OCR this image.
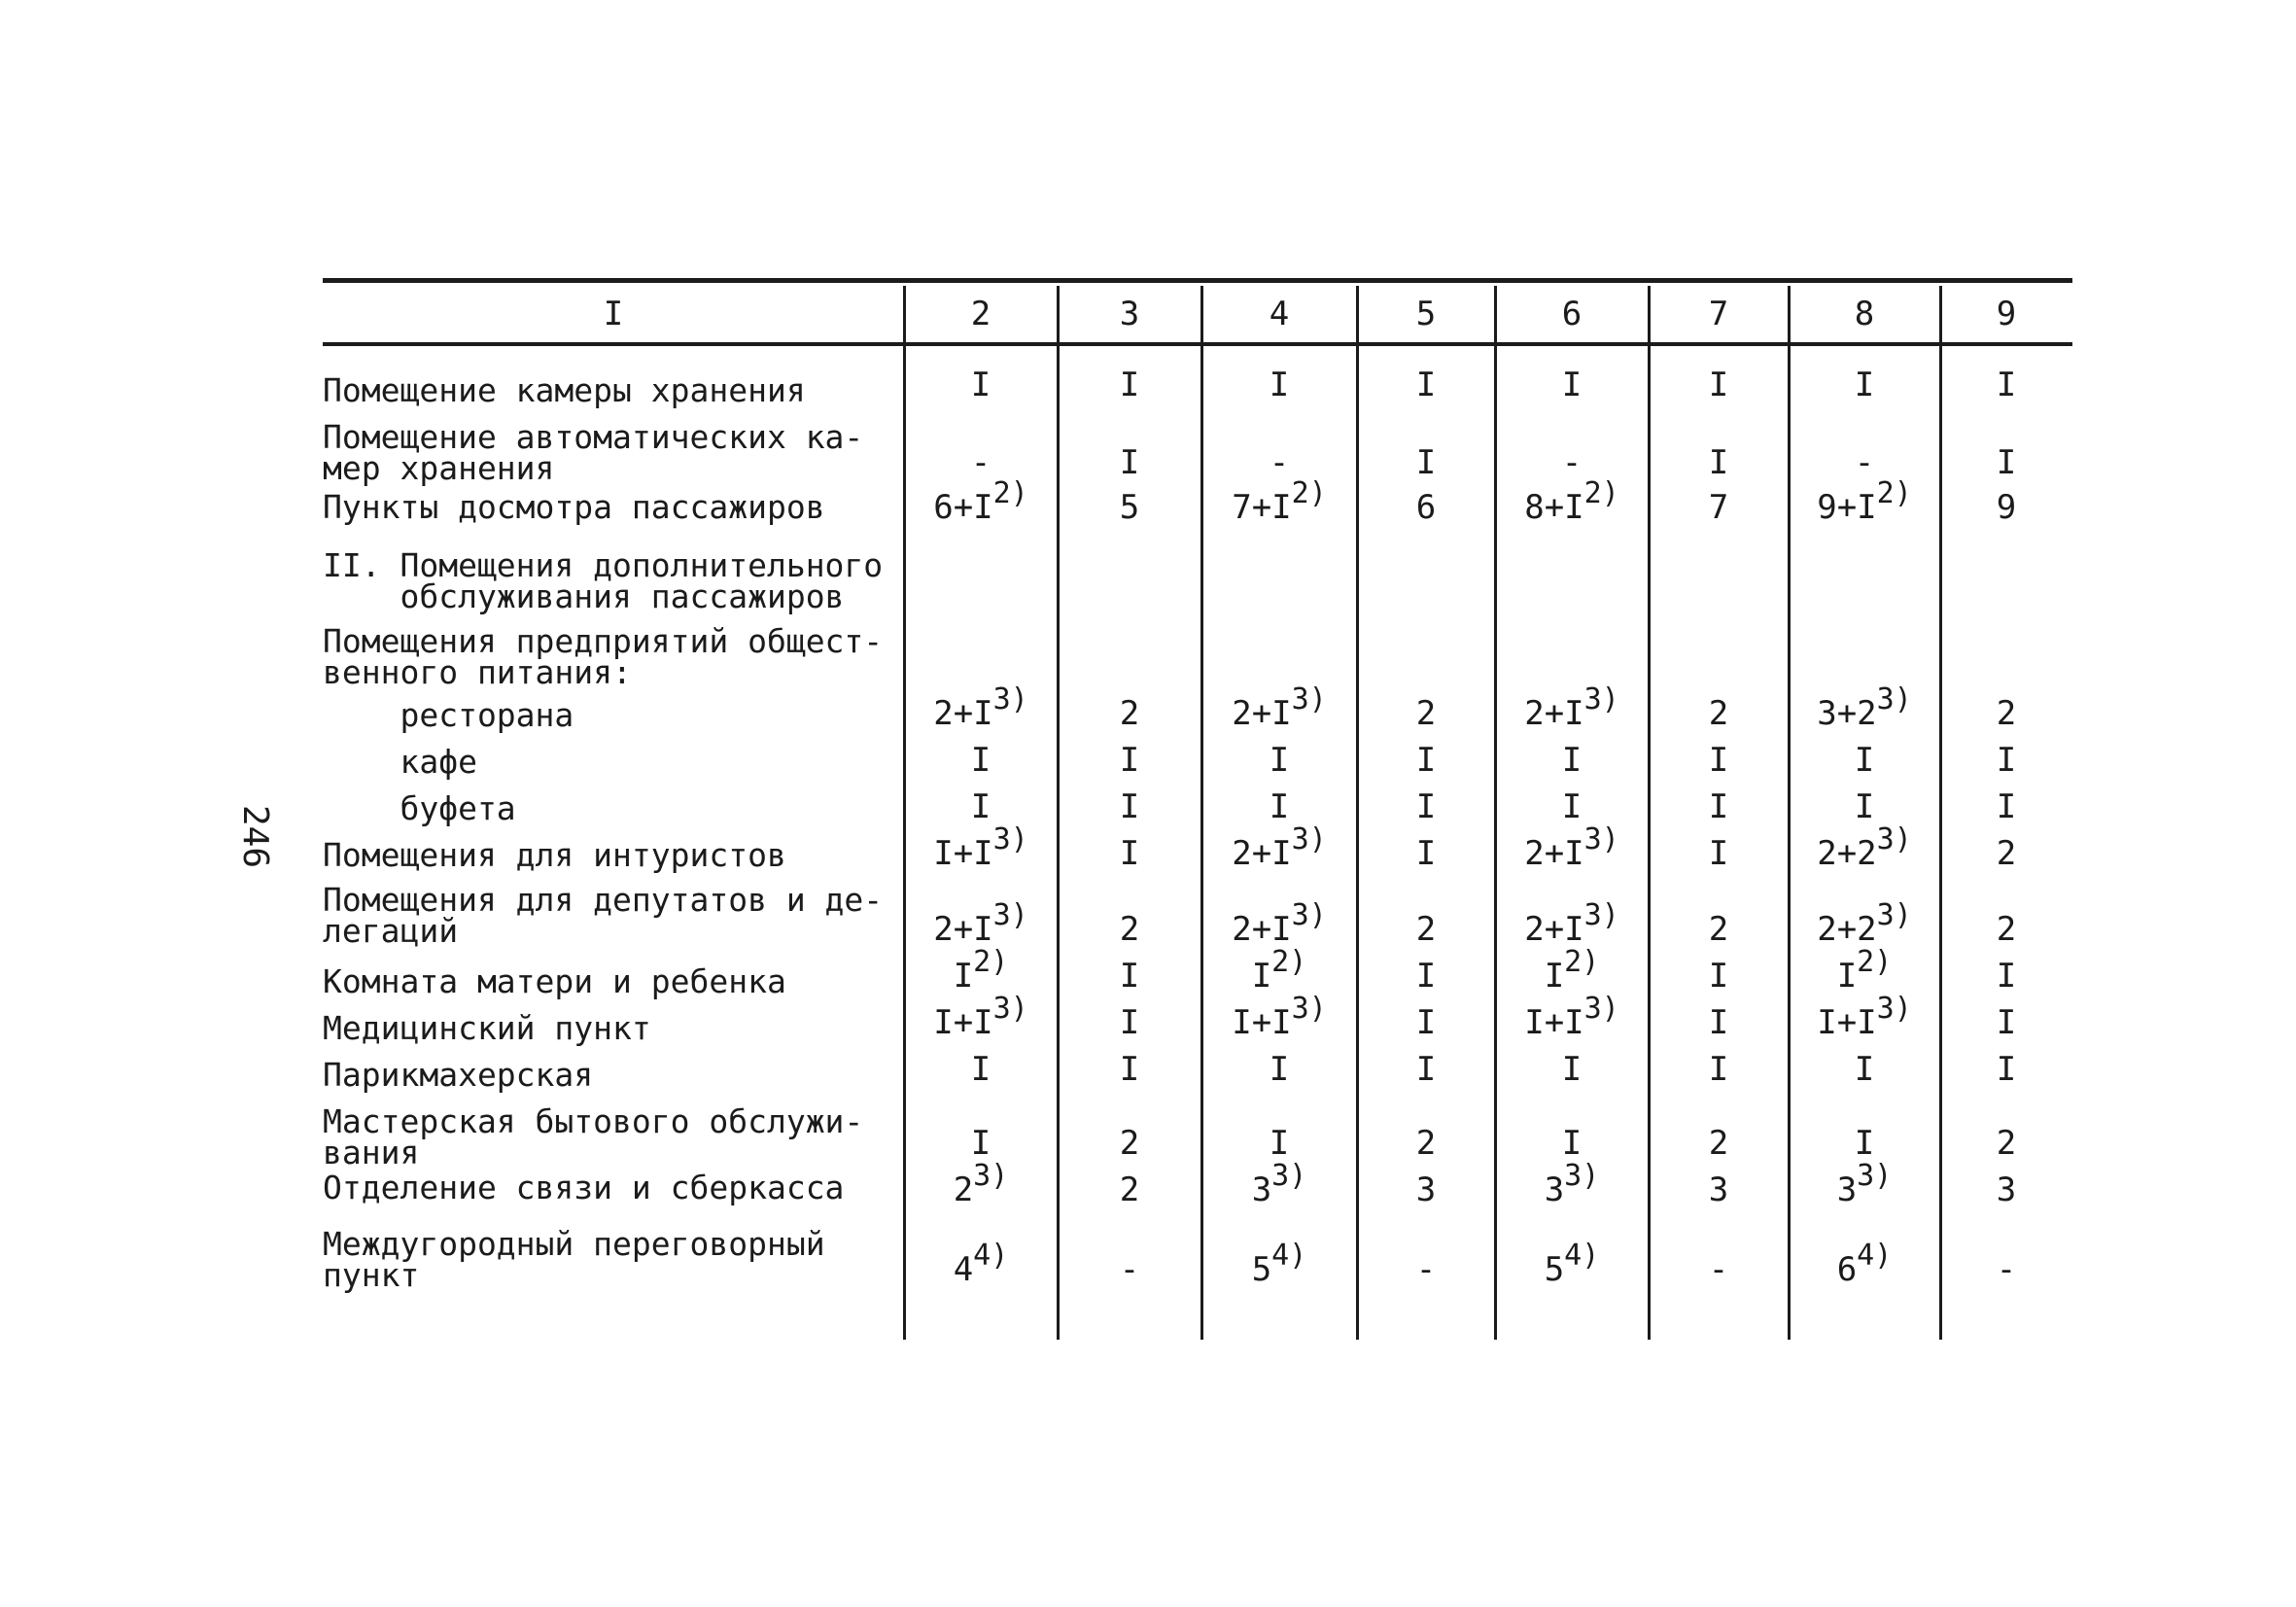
246
I	2	3	4	5	6	7	8	9
Помещение камеры хранения	I	I	I	I	I	I	I	I
Помещение автоматических ка-
мер хранения	-	I	-	I	-	I	-	I
Пункты досмотра пассажиров	$6+I^{2)}$	5	$7+I^{2)}$	6	$8+I^{2)}$	7	$9+I^{2)}$	9
II. Помещения дополнительного
обслуживания пассажиров
Помещения предприятий общест-
венного питания:
ресторана	$2+I^{3)}$	2	$2+I^{3)}$	2	$2+I^{3)}$	2	$3+2^{3)}$	2
кафе	I	I	I	I	I	I	I	I
буфета	I	I	I	I	I	I	I	I
Помещения для интуристов	$I+I^{3)}$	I	$2+I^{3)}$	I	$2+I^{3)}$	I	$2+2^{3)}$	2
Помещения для депутатов и де-
легаций	$2+I^{3)}$	2	$2+I^{3)}$	2	$2+I^{3)}$	2	$2+2^{3)}$	2
Комната матери и ребенка	$I^{2)}$	I	$I^{2)}$	I	$I^{2)}$	I	$I^{2)}$	I
Медицинский пункт	$I+I^{3)}$	I	$I+I^{3)}$	I	$I+I^{3)}$	I	$I+I^{3)}$	I
Парикмахерская	I	I	I	I	I	I	I	I
Мастерская бытового обслужи-
вания	I	2	I	2	I	2	I	2
Отделение связи и сберкасса	2$^{3)}$	2	3$^{3)}$	3	3$^{3)}$	3	3$^{3)}$	3
Междугородный переговорный
пункт	4$^{4)}$	-	5$^{4)}$	-	5$^{4)}$	-	6$^{4)}$	-
